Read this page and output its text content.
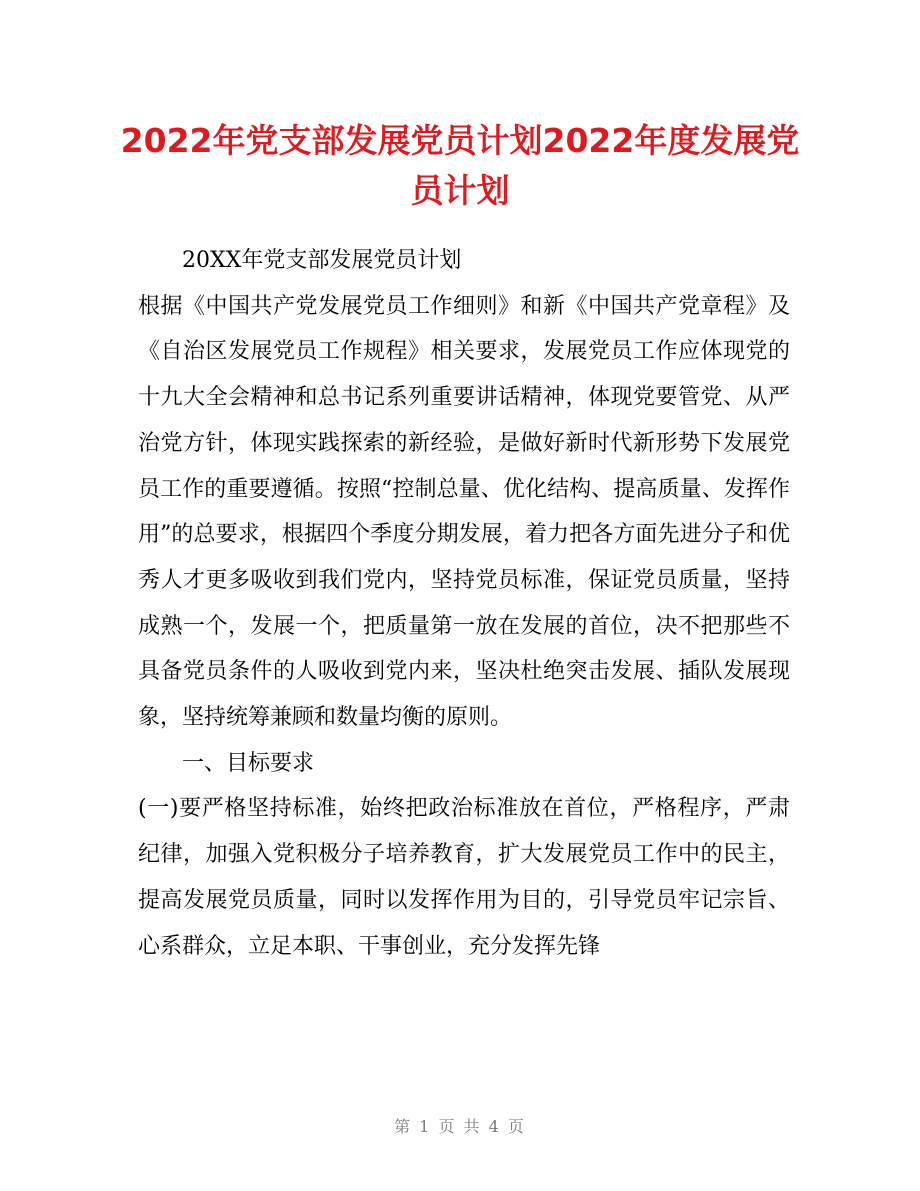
2022年党支部发展党员计划2022年度发展党员计划

20XX年党支部发展党员计划

根据《中国共产党发展党员工作细则》和新《中国共产党章程》及《自治区发展党员工作规程》相关要求，发展党员工作应体现党的十九大全会精神和总书记系列重要讲话精神，体现党要管党、从严治党方针，体现实践探索的新经验，是做好新时代新形势下发展党员工作的重要遵循。按照“控制总量、优化结构、提高质量、发挥作用”的总要求，根据四个季度分期发展，着力把各方面先进分子和优秀人才更多吸收到我们党内，坚持党员标准，保证党员质量，坚持成熟一个，发展一个，把质量第一放在发展的首位，决不把那些不具备党员条件的人吸收到党内来，坚决杜绝突击发展、插队发展现象，坚持统筹兼顾和数量均衡的原则。

一、目标要求

(一)要严格坚持标准，始终把政治标准放在首位，严格程序，严肃纪律，加强入党积极分子培养教育，扩大发展党员工作中的民主，提高发展党员质量，同时以发挥作用为目的，引导党员牢记宗旨、心系群众，立足本职、干事创业，充分发挥先锋

第 1 页 共 4 页
